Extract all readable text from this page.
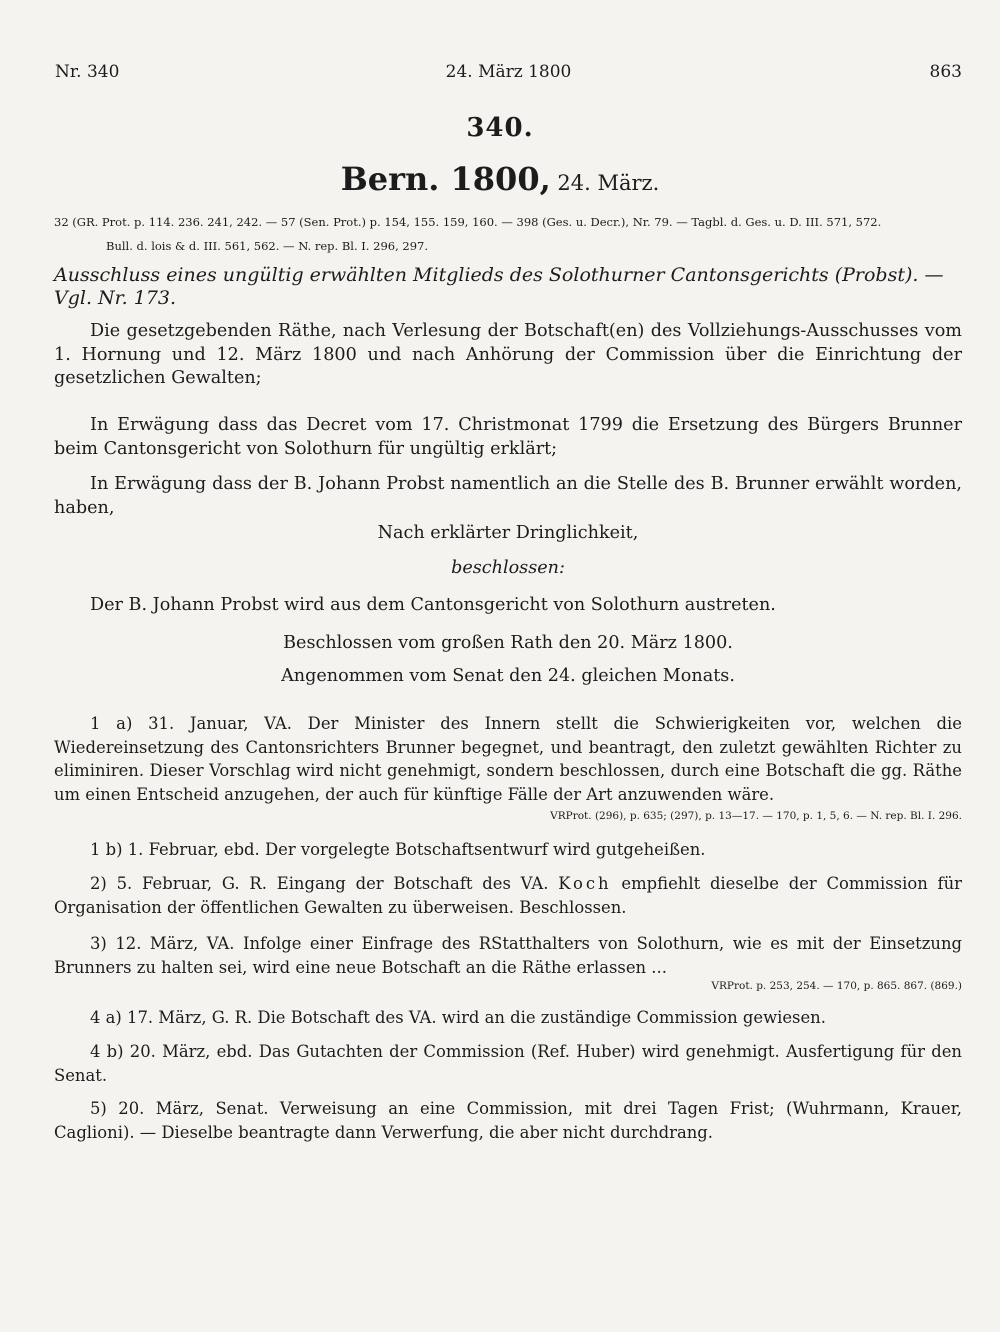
Nr. 340	24. März 1800	863
340.
Bern. 1800, 24. März.
32 (GR. Prot. p. 114. 236. 241, 242. — 57 (Sen. Prot.) p. 154, 155. 159, 160. — 398 (Ges. u. Decr.), Nr. 79. — Tagbl. d. Ges. u. D. III. 571, 572.
Bull. d. lois & d. III. 561, 562. — N. rep. Bl. I. 296, 297.
Ausschluss eines ungültig erwählten Mitglieds des Solothurner Cantonsgerichts (Probst). — Vgl. Nr. 173.
Die gesetzgebenden Räthe, nach Verlesung der Botschaft(en) des Vollziehungs-Ausschusses vom 1. Hornung und 12. März 1800 und nach Anhörung der Commission über die Einrichtung der gesetzlichen Gewalten;
In Erwägung dass das Decret vom 17. Christmonat 1799 die Ersetzung des Bürgers Brunner beim Cantonsgericht von Solothurn für ungültig erklärt;
In Erwägung dass der B. Johann Probst namentlich an die Stelle des B. Brunner erwählt worden, haben,
Nach erklärter Dringlichkeit,
beschlossen:
Der B. Johann Probst wird aus dem Cantonsgericht von Solothurn austreten.
Beschlossen vom großen Rath den 20. März 1800.
Angenommen vom Senat den 24. gleichen Monats.
1 a) 31. Januar, VA. Der Minister des Innern stellt die Schwierigkeiten vor, welchen die Wiedereinsetzung des Cantonsrichters Brunner begegnet, und beantragt, den zuletzt gewählten Richter zu eliminiren. Dieser Vorschlag wird nicht genehmigt, sondern beschlossen, durch eine Botschaft die gg. Räthe um einen Entscheid anzugehen, der auch für künftige Fälle der Art anzuwenden wäre.
VRProt. (296), p. 635; (297), p. 13—17. — 170, p. 1, 5, 6. — N. rep. Bl. I. 296.
1 b) 1. Februar, ebd. Der vorgelegte Botschaftsentwurf wird gutgeheißen.
2) 5. Februar, G. R. Eingang der Botschaft des VA. Koch empfiehlt dieselbe der Commission für Organisation der öffentlichen Gewalten zu überweisen. Beschlossen.
3) 12. März, VA. Infolge einer Einfrage des RStatthalters von Solothurn, wie es mit der Einsetzung Brunners zu halten sei, wird eine neue Botschaft an die Räthe erlassen ...
VRProt. p. 253, 254. — 170, p. 865. 867. (869.)
4 a) 17. März, G. R. Die Botschaft des VA. wird an die zuständige Commission gewiesen.
4 b) 20. März, ebd. Das Gutachten der Commission (Ref. Huber) wird genehmigt. Ausfertigung für den Senat.
5) 20. März, Senat. Verweisung an eine Commission, mit drei Tagen Frist; (Wuhrmann, Krauer, Caglioni). — Dieselbe beantragte dann Verwerfung, die aber nicht durchdrang.
